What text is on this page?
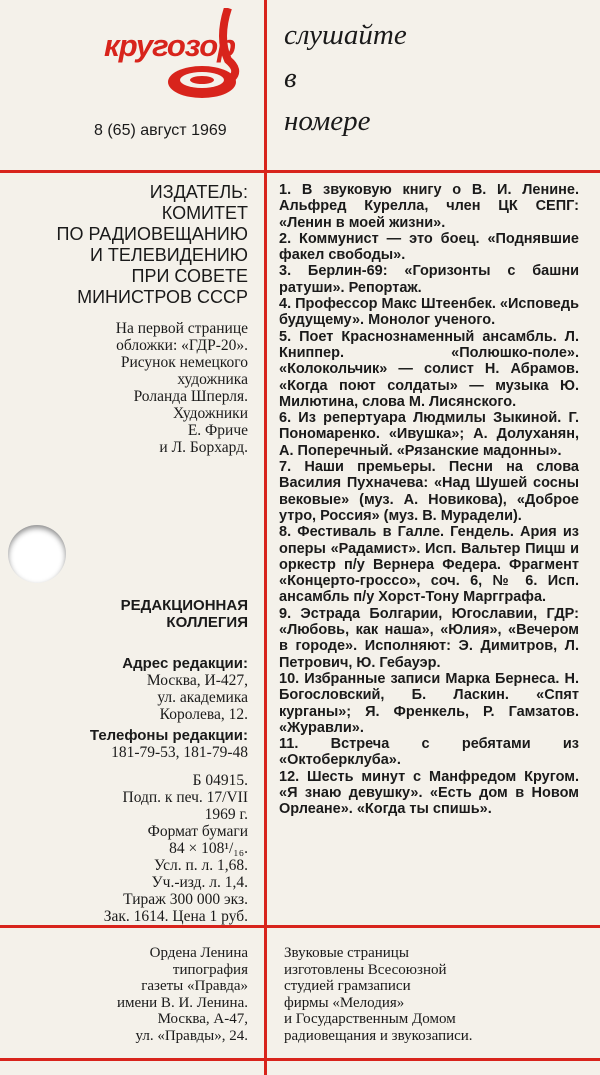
кругозор
8 (65) август 1969
слушайте
в
номере
ИЗДАТЕЛЬ:
КОМИТЕТ
ПО РАДИОВЕЩАНИЮ
И ТЕЛЕВИДЕНИЮ
ПРИ СОВЕТЕ
МИНИСТРОВ СССР
На первой странице
обложки: «ГДР-20».
Рисунок немецкого
художника
Роланда Шперля.
Художники
Е. Фриче
и Л. Борхард.
РЕДАКЦИОННАЯ
КОЛЛЕГИЯ
Адрес редакции:
Москва, И-427,
ул. академика
Королева, 12.
Телефоны редакции:
181-79-53, 181-79-48
Б 04915.
Подп. к печ. 17/VII
1969 г.
Формат бумаги
84 × 108¹/₁₆.
Усл. п. л. 1,68.
Уч.-изд. л. 1,4.
Тираж 300 000 экз.
Зак. 1614. Цена 1 руб.

1. В звуковую книгу о В. И. Ленине. Альфред Курелла, член ЦК СЕПГ: «Ленин в моей жизни».

2. Коммунист — это боец. «Поднявшие факел свободы».

3. Берлин-69: «Горизонты с башни ратуши». Репортаж.

4. Профессор Макс Штеенбек. «Исповедь будущему». Монолог ученого.

5. Поет Краснознаменный ансамбль. Л. Книппер. «Полюшко-поле». «Колокольчик» — солист Н. Абрамов. «Когда поют солдаты» — музыка Ю. Милютина, слова М. Лисянского.

6. Из репертуара Людмилы Зыкиной. Г. Пономаренко. «Ивушка»; А. Долуханян, А. Поперечный. «Рязанские мадонны».

7. Наши премьеры. Песни на слова Василия Пухначева: «Над Шушей сосны вековые» (муз. А. Новикова), «Доброе утро, Россия» (муз. В. Мурадели).

8. Фестиваль в Галле. Гендель. Ария из оперы «Радамист». Исп. Вальтер Пицш и оркестр п/у Вернера Федера. Фрагмент «Концерто-гроссо», соч. 6, № 6. Исп. ансамбль п/у Хорст-Тону Маргграфа.

9. Эстрада Болгарии, Югославии, ГДР: «Любовь, как наша», «Юлия», «Вечером в городе». Исполняют: Э. Димитров, Л. Петрович, Ю. Гебауэр.

10. Избранные записи Марка Бернеса. Н. Богословский, Б. Ласкин. «Спят курганы»; Я. Френкель, Р. Гамзатов. «Журавли».

11. Встреча с ребятами из «Октоберклуба».

12. Шесть минут с Манфредом Кругом. «Я знаю девушку». «Есть дом в Новом Орлеане». «Когда ты спишь».

Ордена Ленина
типография
газеты «Правда»
имени В. И. Ленина.
Москва, А-47,
ул. «Правды», 24.
Звуковые страницы
изготовлены Всесоюзной
студией грамзаписи
фирмы «Мелодия»
и Государственным Домом
радиовещания и звукозаписи.
